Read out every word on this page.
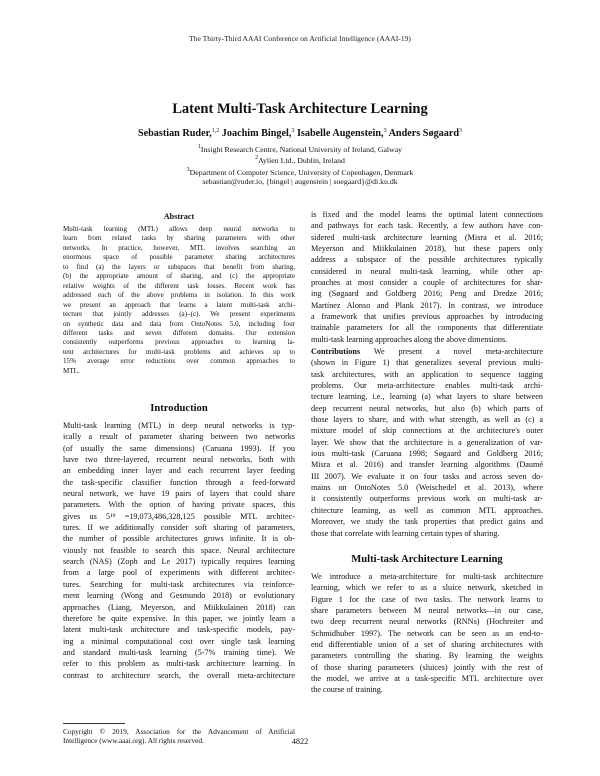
The Thirty-Third AAAI Conference on Artificial Intelligence (AAAI-19)
Latent Multi-Task Architecture Learning
Sebastian Ruder,$^{1,2}$ Joachim Bingel,$^3$ Isabelle Augenstein,$^3$ Anders Søgaard$^3$
$^1$Insight Research Centre, National University of Ireland, Galway
$^2$Aylien Ltd., Dublin, Ireland
$^3$Department of Computer Science, University of Copenhagen, Denmark
sebastian@ruder.io, {bingel | augenstein | soegaard}@di.ku.dk
Abstract
Multi-task learning (MTL) allows deep neural networks to
learn from related tasks by sharing parameters with other
networks. In practice, however, MTL involves searching an
enormous space of possible parameter sharing architectures
to find (a) the layers or subspaces that benefit from sharing,
(b) the appropriate amount of sharing, and (c) the appropriate
relative weights of the different task losses. Recent work has
addressed each of the above problems in isolation. In this work
we present an approach that learns a latent multi-task archi-
tecture that jointly addresses (a)–(c). We present experiments
on synthetic data and data from OntoNotes 5.0, including four
different tasks and seven different domains. Our extension
consistently outperforms previous approaches to learning la-
tent architectures for multi-task problems and achieves up to
15% average error reductions over common approaches to
MTL.
Introduction
Multi-task learning (MTL) in deep neural networks is typ-
ically a result of parameter sharing between two networks
(of usually the same dimensions) (Caruana 1993). If you
have two three-layered, recurrent neural networks, both with
an embedding inner layer and each recurrent layer feeding
the task-specific classifier function through a feed-forward
neural network, we have 19 pairs of layers that could share
parameters. With the option of having private spaces, this
gives us 5¹⁹ =19,073,486,328,125 possible MTL architec-
tures. If we additionally consider soft sharing of parameters,
the number of possible architectures grows infinite. It is ob-
viously not feasible to search this space. Neural architecture
search (NAS) (Zoph and Le 2017) typically requires learning
from a large pool of experiments with different architec-
tures. Searching for multi-task architectures via reinforce-
ment learning (Wong and Gesmundo 2018) or evolutionary
approaches (Liang, Meyerson, and Miikkulainen 2018) can
therefore be quite expensive. In this paper, we jointly learn a
latent multi-task architecture and task-specific models, pay-
ing a minimal computational cost over single task learning
and standard multi-task learning (5-7% training time). We
refer to this problem as multi-task architecture learning. In
contrast to architecture search, the overall meta-architecture
Copyright © 2019, Association for the Advancement of Artificial
Intelligence (www.aaai.org). All rights reserved.
is fixed and the model learns the optimal latent connections
and pathways for each task. Recently, a few authors have con-
sidered multi-task architecture learning (Misra et al. 2016;
Meyerson and Miikkulainen 2018), but these papers only
address a subspace of the possible architectures typically
considered in neural multi-task learning, while other ap-
proaches at most consider a couple of architectures for shar-
ing (Søgaard and Goldberg 2016; Peng and Dredze 2016;
Martínez Alonso and Plank 2017). In contrast, we introduce
a framework that unifies previous approaches by introducing
trainable parameters for all the components that differentiate
multi-task learning approaches along the above dimensions.
Contributions We present a novel meta-architecture
(shown in Figure 1) that generalizes several previous multi-
task architectures, with an application to sequence tagging
problems. Our meta-architecture enables multi-task archi-
tecture learning, i.e., learning (a) what layers to share between
deep recurrent neural networks, but also (b) which parts of
those layers to share, and with what strength, as well as (c) a
mixture model of skip connections at the architecture's outer
layer. We show that the architecture is a generalization of var-
ious multi-task (Caruana 1998; Søgaard and Goldberg 2016;
Misra et al. 2016) and transfer learning algorithms (Daumé
III 2007). We evaluate it on four tasks and across seven do-
mains on OntoNotes 5.0 (Weischedel et al. 2013), where
it consistently outperforms previous work on multi-task ar-
chitecture learning, as well as common MTL approaches.
Moreover, we study the task properties that predict gains and
those that correlate with learning certain types of sharing.
Multi-task Architecture Learning
We introduce a meta-architecture for multi-task architecture
learning, which we refer to as a sluice network, sketched in
Figure 1 for the case of two tasks. The network learns to
share parameters between M neural networks—in our case,
two deep recurrent neural networks (RNNs) (Hochreiter and
Schmidhuber 1997). The network can be seen as an end-to-
end differentiable union of a set of sharing architectures with
parameters controlling the sharing. By learning the weights
of those sharing parameters (sluices) jointly with the rest of
the model, we arrive at a task-specific MTL architecture over
the course of training.
4822
